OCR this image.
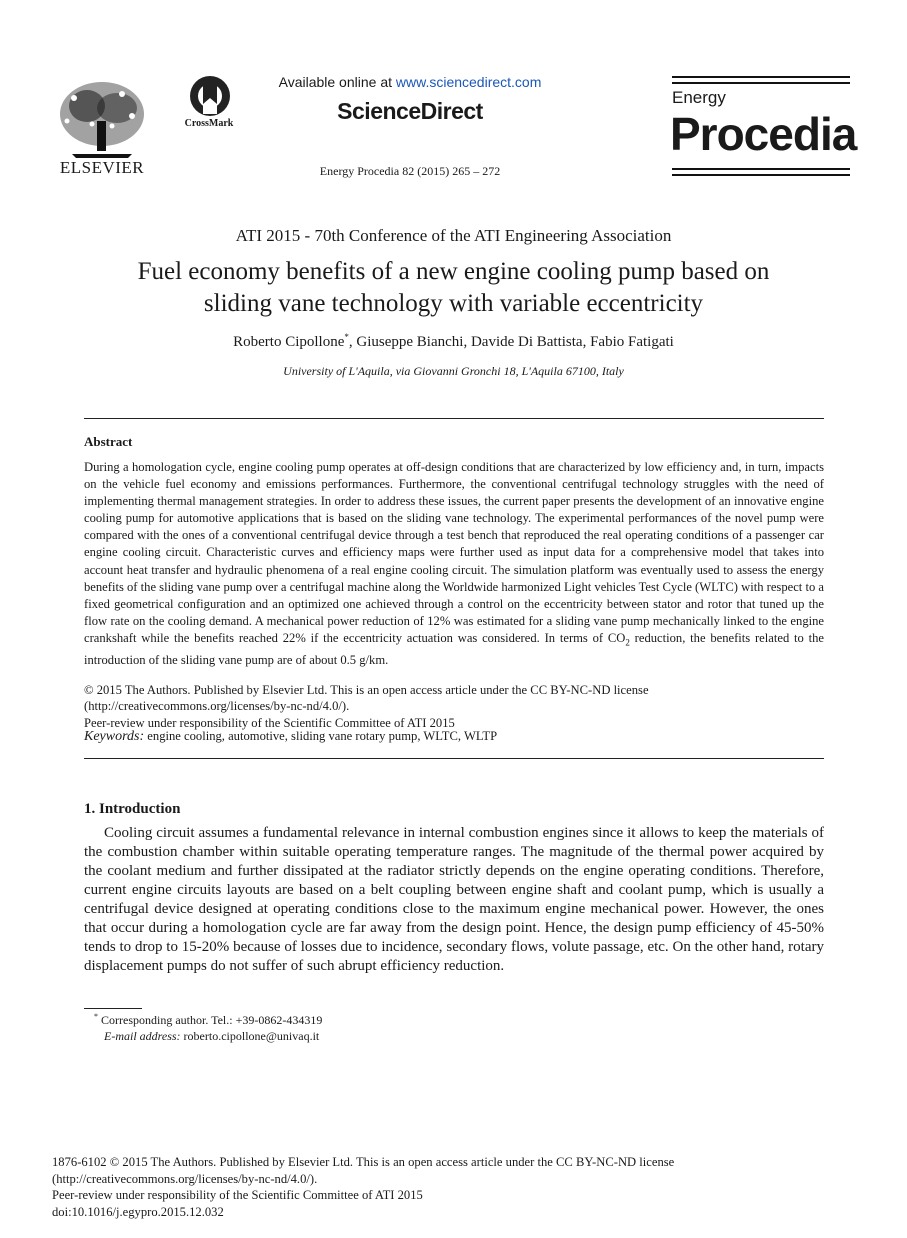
ELSEVIER
CrossMark
Available online at www.sciencedirect.com
ScienceDirect
Energy Procedia 82 (2015) 265 – 272
Energy
Procedia
ATI 2015 - 70th Conference of the ATI Engineering Association
Fuel economy benefits of a new engine cooling pump based on
sliding vane technology with variable eccentricity
Roberto Cipollone*, Giuseppe Bianchi, Davide Di Battista, Fabio Fatigati
University of L'Aquila, via Giovanni Gronchi 18, L'Aquila 67100, Italy
Abstract
During a homologation cycle, engine cooling pump operates at off-design conditions that are characterized by low efficiency and, in turn, impacts on the vehicle fuel economy and emissions performances. Furthermore, the conventional centrifugal technology struggles with the need of implementing thermal management strategies. In order to address these issues, the current paper presents the development of an innovative engine cooling pump for automotive applications that is based on the sliding vane technology. The experimental performances of the novel pump were compared with the ones of a conventional centrifugal device through a test bench that reproduced the real operating conditions of a passenger car engine cooling circuit. Characteristic curves and efficiency maps were further used as input data for a comprehensive model that takes into account heat transfer and hydraulic phenomena of a real engine cooling circuit. The simulation platform was eventually used to assess the energy benefits of the sliding vane pump over a centrifugal machine along the Worldwide harmonized Light vehicles Test Cycle (WLTC) with respect to a fixed geometrical configuration and an optimized one achieved through a control on the eccentricity between stator and rotor that tuned up the flow rate on the cooling demand. A mechanical power reduction of 12% was estimated for a sliding vane pump mechanically linked to the engine crankshaft while the benefits reached 22% if the eccentricity actuation was considered. In terms of $CO_2$ reduction, the benefits related to the introduction of the sliding vane pump are of about 0.5 g/km.
© 2015 The Authors. Published by Elsevier Ltd. This is an open access article under the CC BY-NC-ND license
(http://creativecommons.org/licenses/by-nc-nd/4.0/).
Peer-review under responsibility of the Scientific Committee of ATI 2015
Keywords: engine cooling, automotive, sliding vane rotary pump, WLTC, WLTP
1. Introduction
Cooling circuit assumes a fundamental relevance in internal combustion engines since it allows to keep the materials of the combustion chamber within suitable operating temperature ranges. The magnitude of the thermal power acquired by the coolant medium and further dissipated at the radiator strictly depends on the engine operating conditions. Therefore, current engine circuits layouts are based on a belt coupling between engine shaft and coolant pump, which is usually a centrifugal device designed at operating conditions close to the maximum engine mechanical power. However, the ones that occur during a homologation cycle are far away from the design point. Hence, the design pump efficiency of 45-50% tends to drop to 15-20% because of losses due to incidence, secondary flows, volute passage, etc. On the other hand, rotary displacement pumps do not suffer of such abrupt efficiency reduction.
* Corresponding author. Tel.: +39-0862-434319
E-mail address: roberto.cipollone@univaq.it
1876-6102 © 2015 The Authors. Published by Elsevier Ltd. This is an open access article under the CC BY-NC-ND license
(http://creativecommons.org/licenses/by-nc-nd/4.0/).
Peer-review under responsibility of the Scientific Committee of ATI 2015
doi:10.1016/j.egypro.2015.12.032
